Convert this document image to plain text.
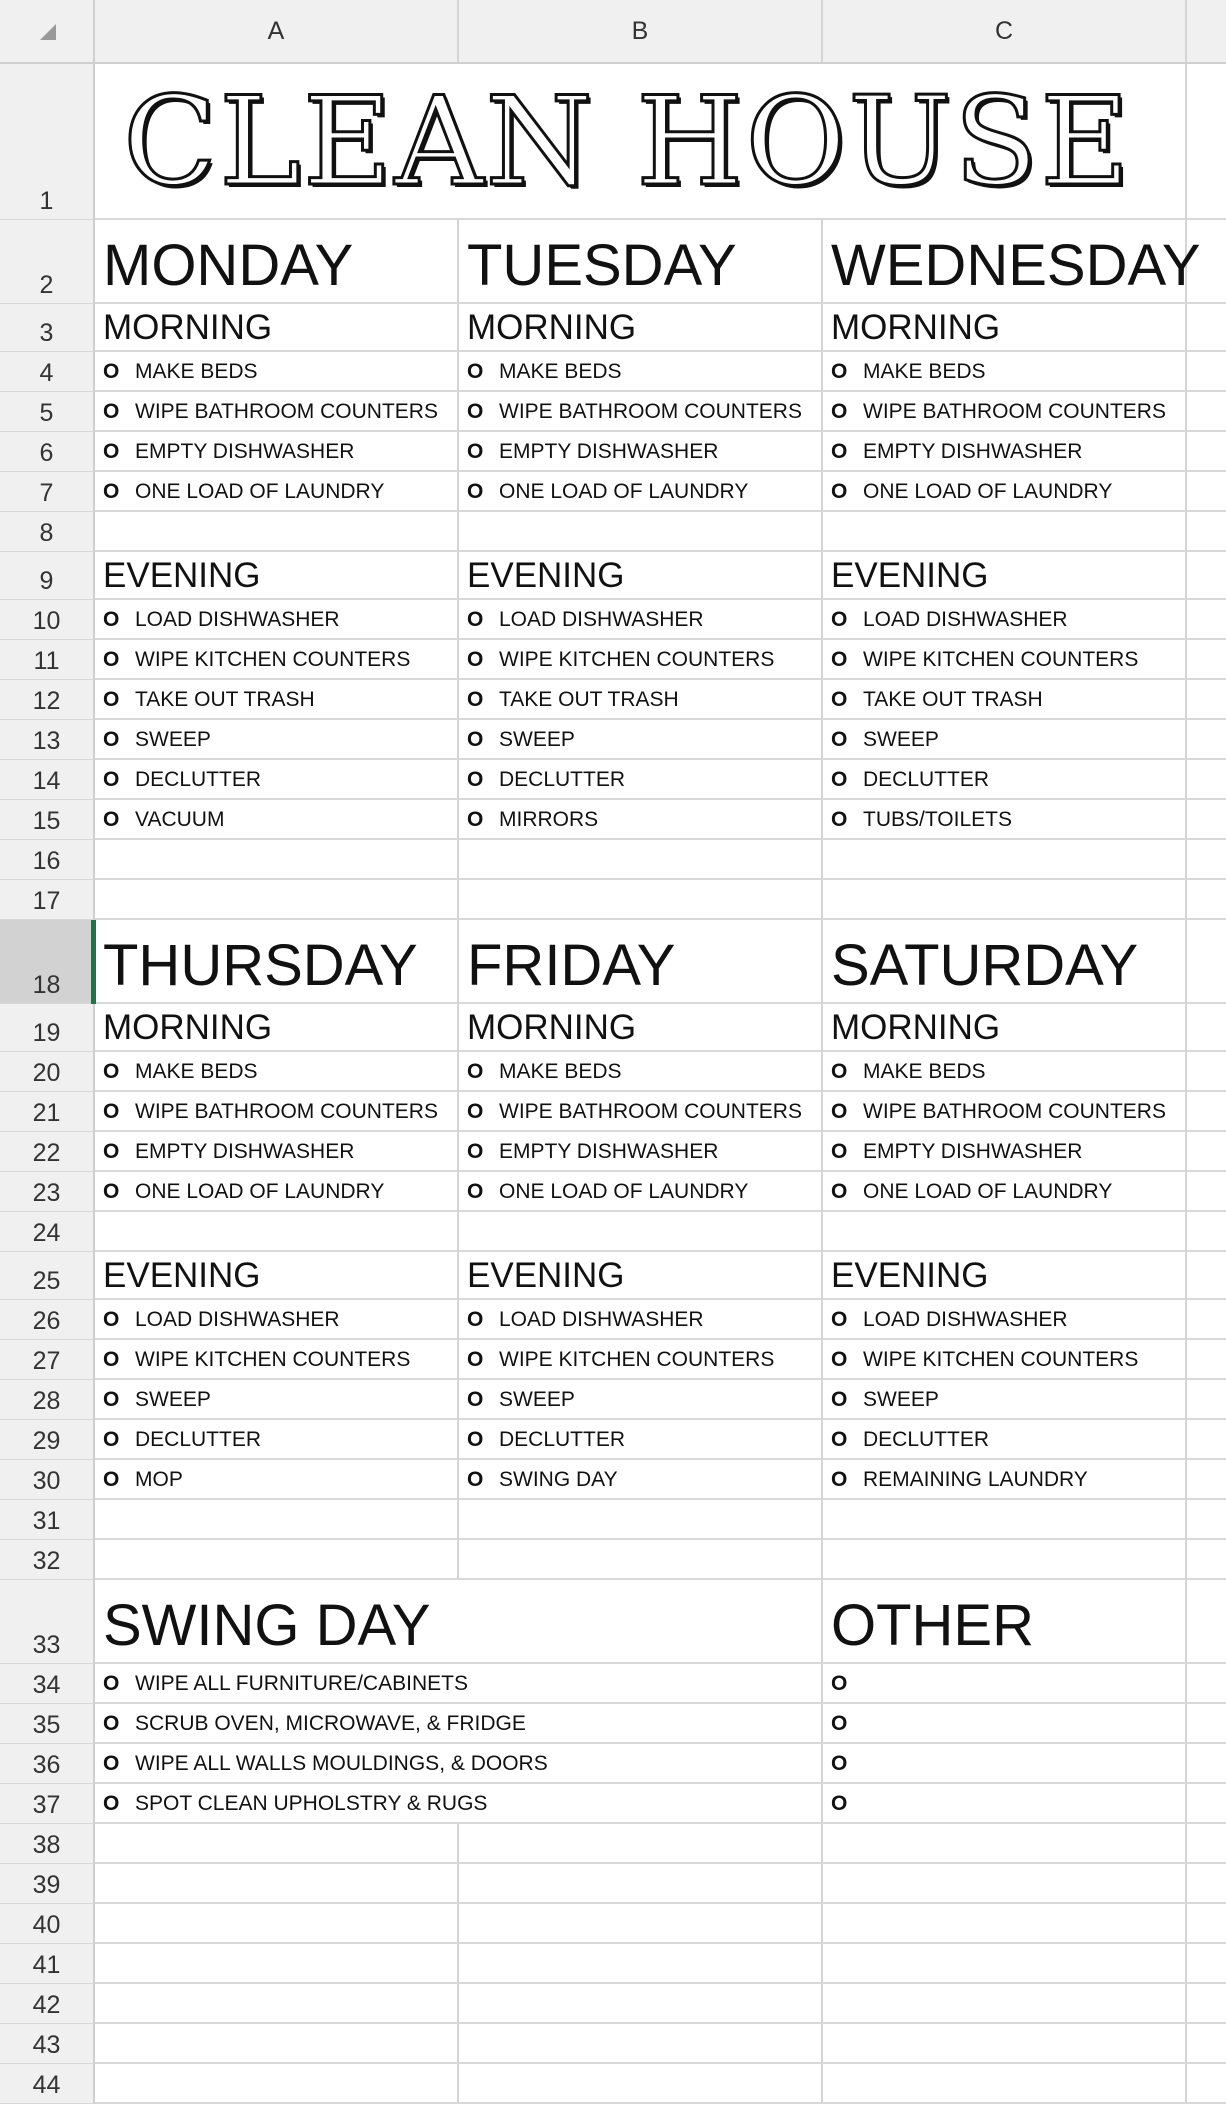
A	B	C
1
2
3
4
5
6
7
8
9
10
11
12
13
14
15
16
17
18
19
20
21
22
23
24
25
26
27
28
29
30
31
32
33
34
35
36
37
38
39
40
41
42
43
44
CLEAN HOUSE
MONDAY TUESDAY WEDNESDAY
MORNING	MORNING	MORNING
O MAKE BEDS	O MAKE BEDS	O MAKE BEDS
O WIPE BATHROOM COUNTERS O WIPE BATHROOM COUNTERS O WIPE BATHROOM COUNTERS
O EMPTY DISHWASHER	O EMPTY DISHWASHER	O EMPTY DISHWASHER
O ONE LOAD OF LAUNDRY	O ONE LOAD OF LAUNDRY	O ONE LOAD OF LAUNDRY
EVENING	EVENING	EVENING
O LOAD DISHWASHER	O LOAD DISHWASHER	O LOAD DISHWASHER
O WIPE KITCHEN COUNTERS	O WIPE KITCHEN COUNTERS	O WIPE KITCHEN COUNTERS
O TAKE OUT TRASH	O TAKE OUT TRASH	O TAKE OUT TRASH
O SWEEP	O SWEEP	O SWEEP
O DECLUTTER	O DECLUTTER	O DECLUTTER
O VACUUM	O MIRRORS	O TUBS/TOILETS
THURSDAY FRIDAY	SATURDAY
MORNING	MORNING	MORNING
O MAKE BEDS	O MAKE BEDS	O MAKE BEDS
O WIPE BATHROOM COUNTERS O WIPE BATHROOM COUNTERS O WIPE BATHROOM COUNTERS
O EMPTY DISHWASHER	O EMPTY DISHWASHER	O EMPTY DISHWASHER
O ONE LOAD OF LAUNDRY	O ONE LOAD OF LAUNDRY	O ONE LOAD OF LAUNDRY
EVENING	EVENING	EVENING
O LOAD DISHWASHER	O LOAD DISHWASHER	O LOAD DISHWASHER
O WIPE KITCHEN COUNTERS	O WIPE KITCHEN COUNTERS	O WIPE KITCHEN COUNTERS
O SWEEP	O SWEEP	O SWEEP
O DECLUTTER	O DECLUTTER	O DECLUTTER
O MOP	O SWING DAY	O REMAINING LAUNDRY
SWING DAY	OTHER
O WIPE ALL FURNITURE/CABINETS	O
O SCRUB OVEN, MICROWAVE, & FRIDGE	O
O WIPE ALL WALLS MOULDINGS, & DOORS	O
O SPOT CLEAN UPHOLSTRY & RUGS	O
